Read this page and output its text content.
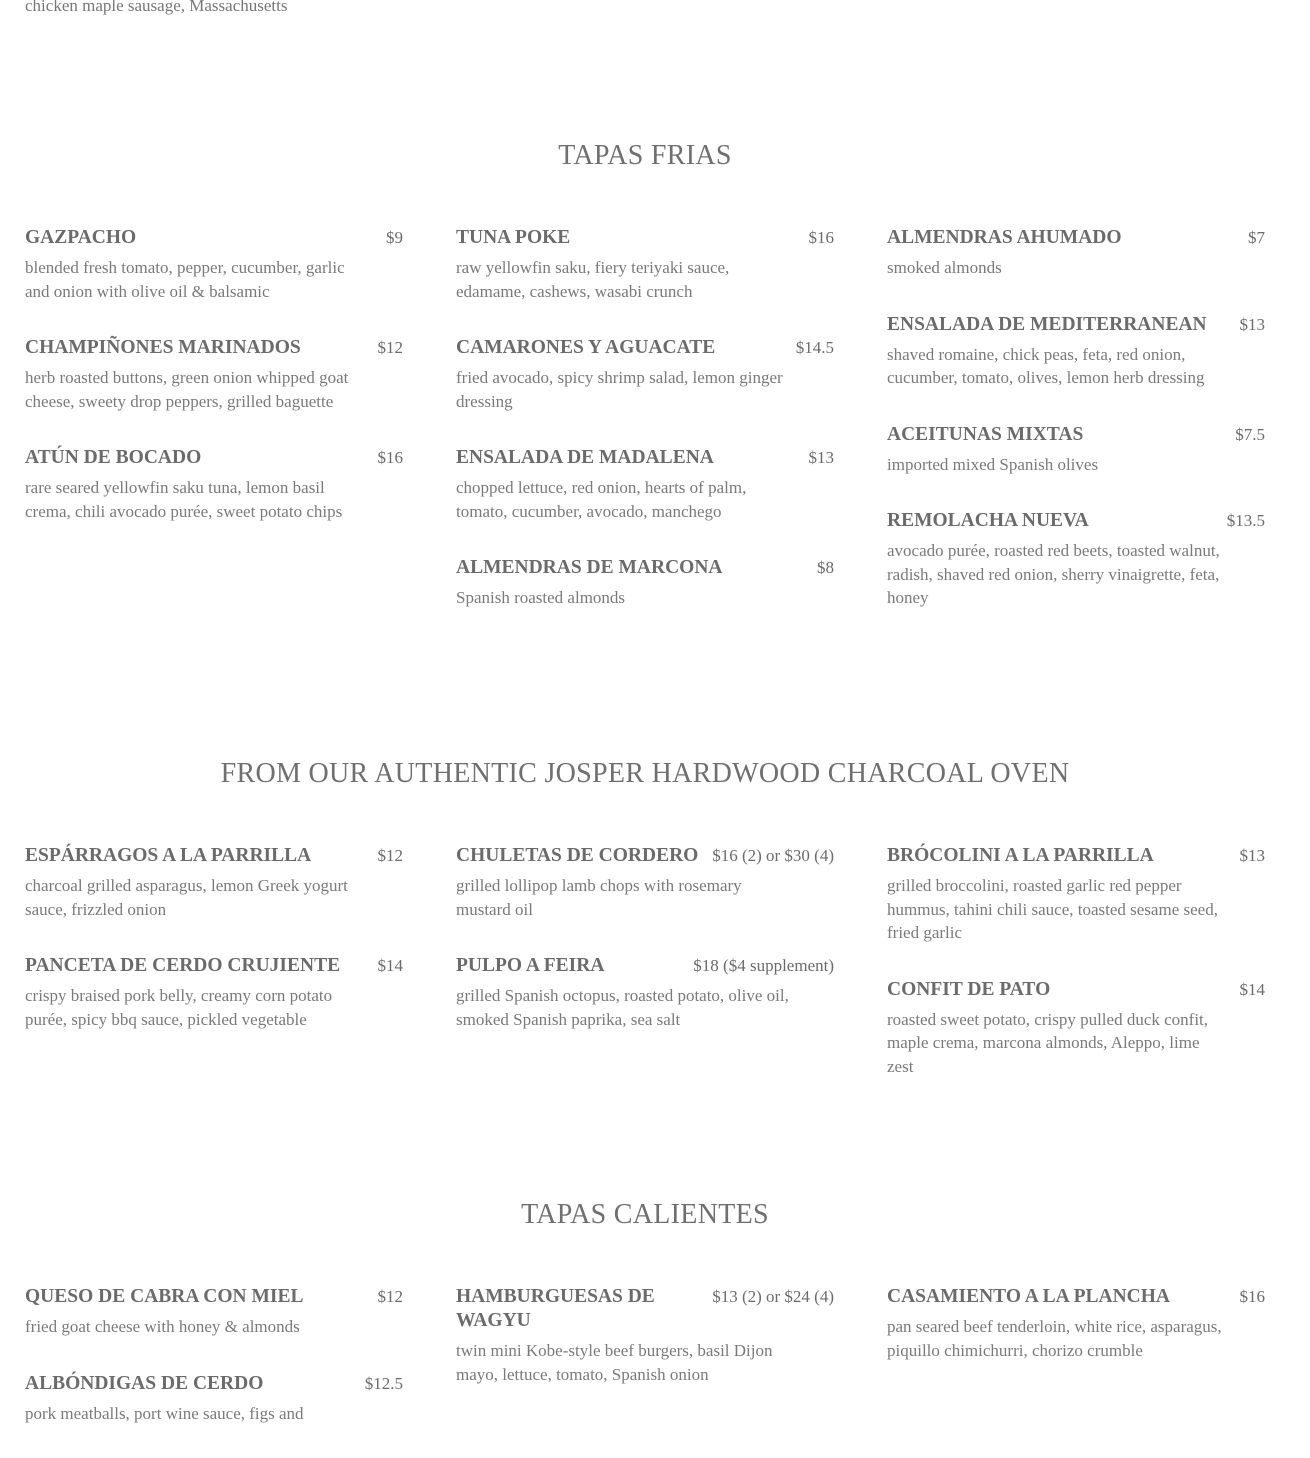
chicken maple sausage, Massachusetts
TAPAS FRIAS
GAZPACHO	$9
blended fresh tomato, pepper, cucumber, garlic and onion with olive oil & balsamic
CHAMPIÑONES MARINADOS	$12
herb roasted buttons, green onion whipped goat cheese, sweety drop peppers, grilled baguette
ATÚN DE BOCADO	$16
rare seared yellowfin saku tuna, lemon basil crema, chili avocado purée, sweet potato chips
TUNA POKE	$16
raw yellowfin saku, fiery teriyaki sauce, edamame, cashews, wasabi crunch
CAMARONES Y AGUACATE	$14.5
fried avocado, spicy shrimp salad, lemon ginger dressing
ENSALADA DE MADALENA	$13
chopped lettuce, red onion, hearts of palm, tomato, cucumber, avocado, manchego
ALMENDRAS DE MARCONA	$8
Spanish roasted almonds
ALMENDRAS AHUMADO	$7
smoked almonds
ENSALADA DE MEDITERRANEAN	$13
shaved romaine, chick peas, feta, red onion, cucumber, tomato, olives, lemon herb dressing
ACEITUNAS MIXTAS	$7.5
imported mixed Spanish olives
REMOLACHA NUEVA	$13.5
avocado purée, roasted red beets, toasted walnut, radish, shaved red onion, sherry vinaigrette, feta, honey
FROM OUR AUTHENTIC JOSPER HARDWOOD CHARCOAL OVEN
ESPÁRRAGOS A LA PARRILLA	$12
charcoal grilled asparagus, lemon Greek yogurt sauce, frizzled onion
PANCETA DE CERDO CRUJIENTE	$14
crispy braised pork belly, creamy corn potato purée, spicy bbq sauce, pickled vegetable
CHULETAS DE CORDERO $16 (2) or $30 (4)
grilled lollipop lamb chops with rosemary mustard oil
PULPO A FEIRA	$18 ($4 supplement)
grilled Spanish octopus, roasted potato, olive oil, smoked Spanish paprika, sea salt
BRÓCOLINI A LA PARRILLA	$13
grilled broccolini, roasted garlic red pepper hummus, tahini chili sauce, toasted sesame seed, fried garlic
CONFIT DE PATO	$14
roasted sweet potato, crispy pulled duck confit, maple crema, marcona almonds, Aleppo, lime zest
TAPAS CALIENTES
QUESO DE CABRA CON MIEL	$12
fried goat cheese with honey & almonds
ALBÓNDIGAS DE CERDO	$12.5
pork meatballs, port wine sauce, figs and
HAMBURGUESAS DE WAGYU
$13 (2) or $24 (4)
twin mini Kobe-style beef burgers, basil Dijon mayo, lettuce, tomato, Spanish onion
CASAMIENTO A LA PLANCHA	$16
pan seared beef tenderloin, white rice, asparagus, piquillo chimichurri, chorizo crumble
